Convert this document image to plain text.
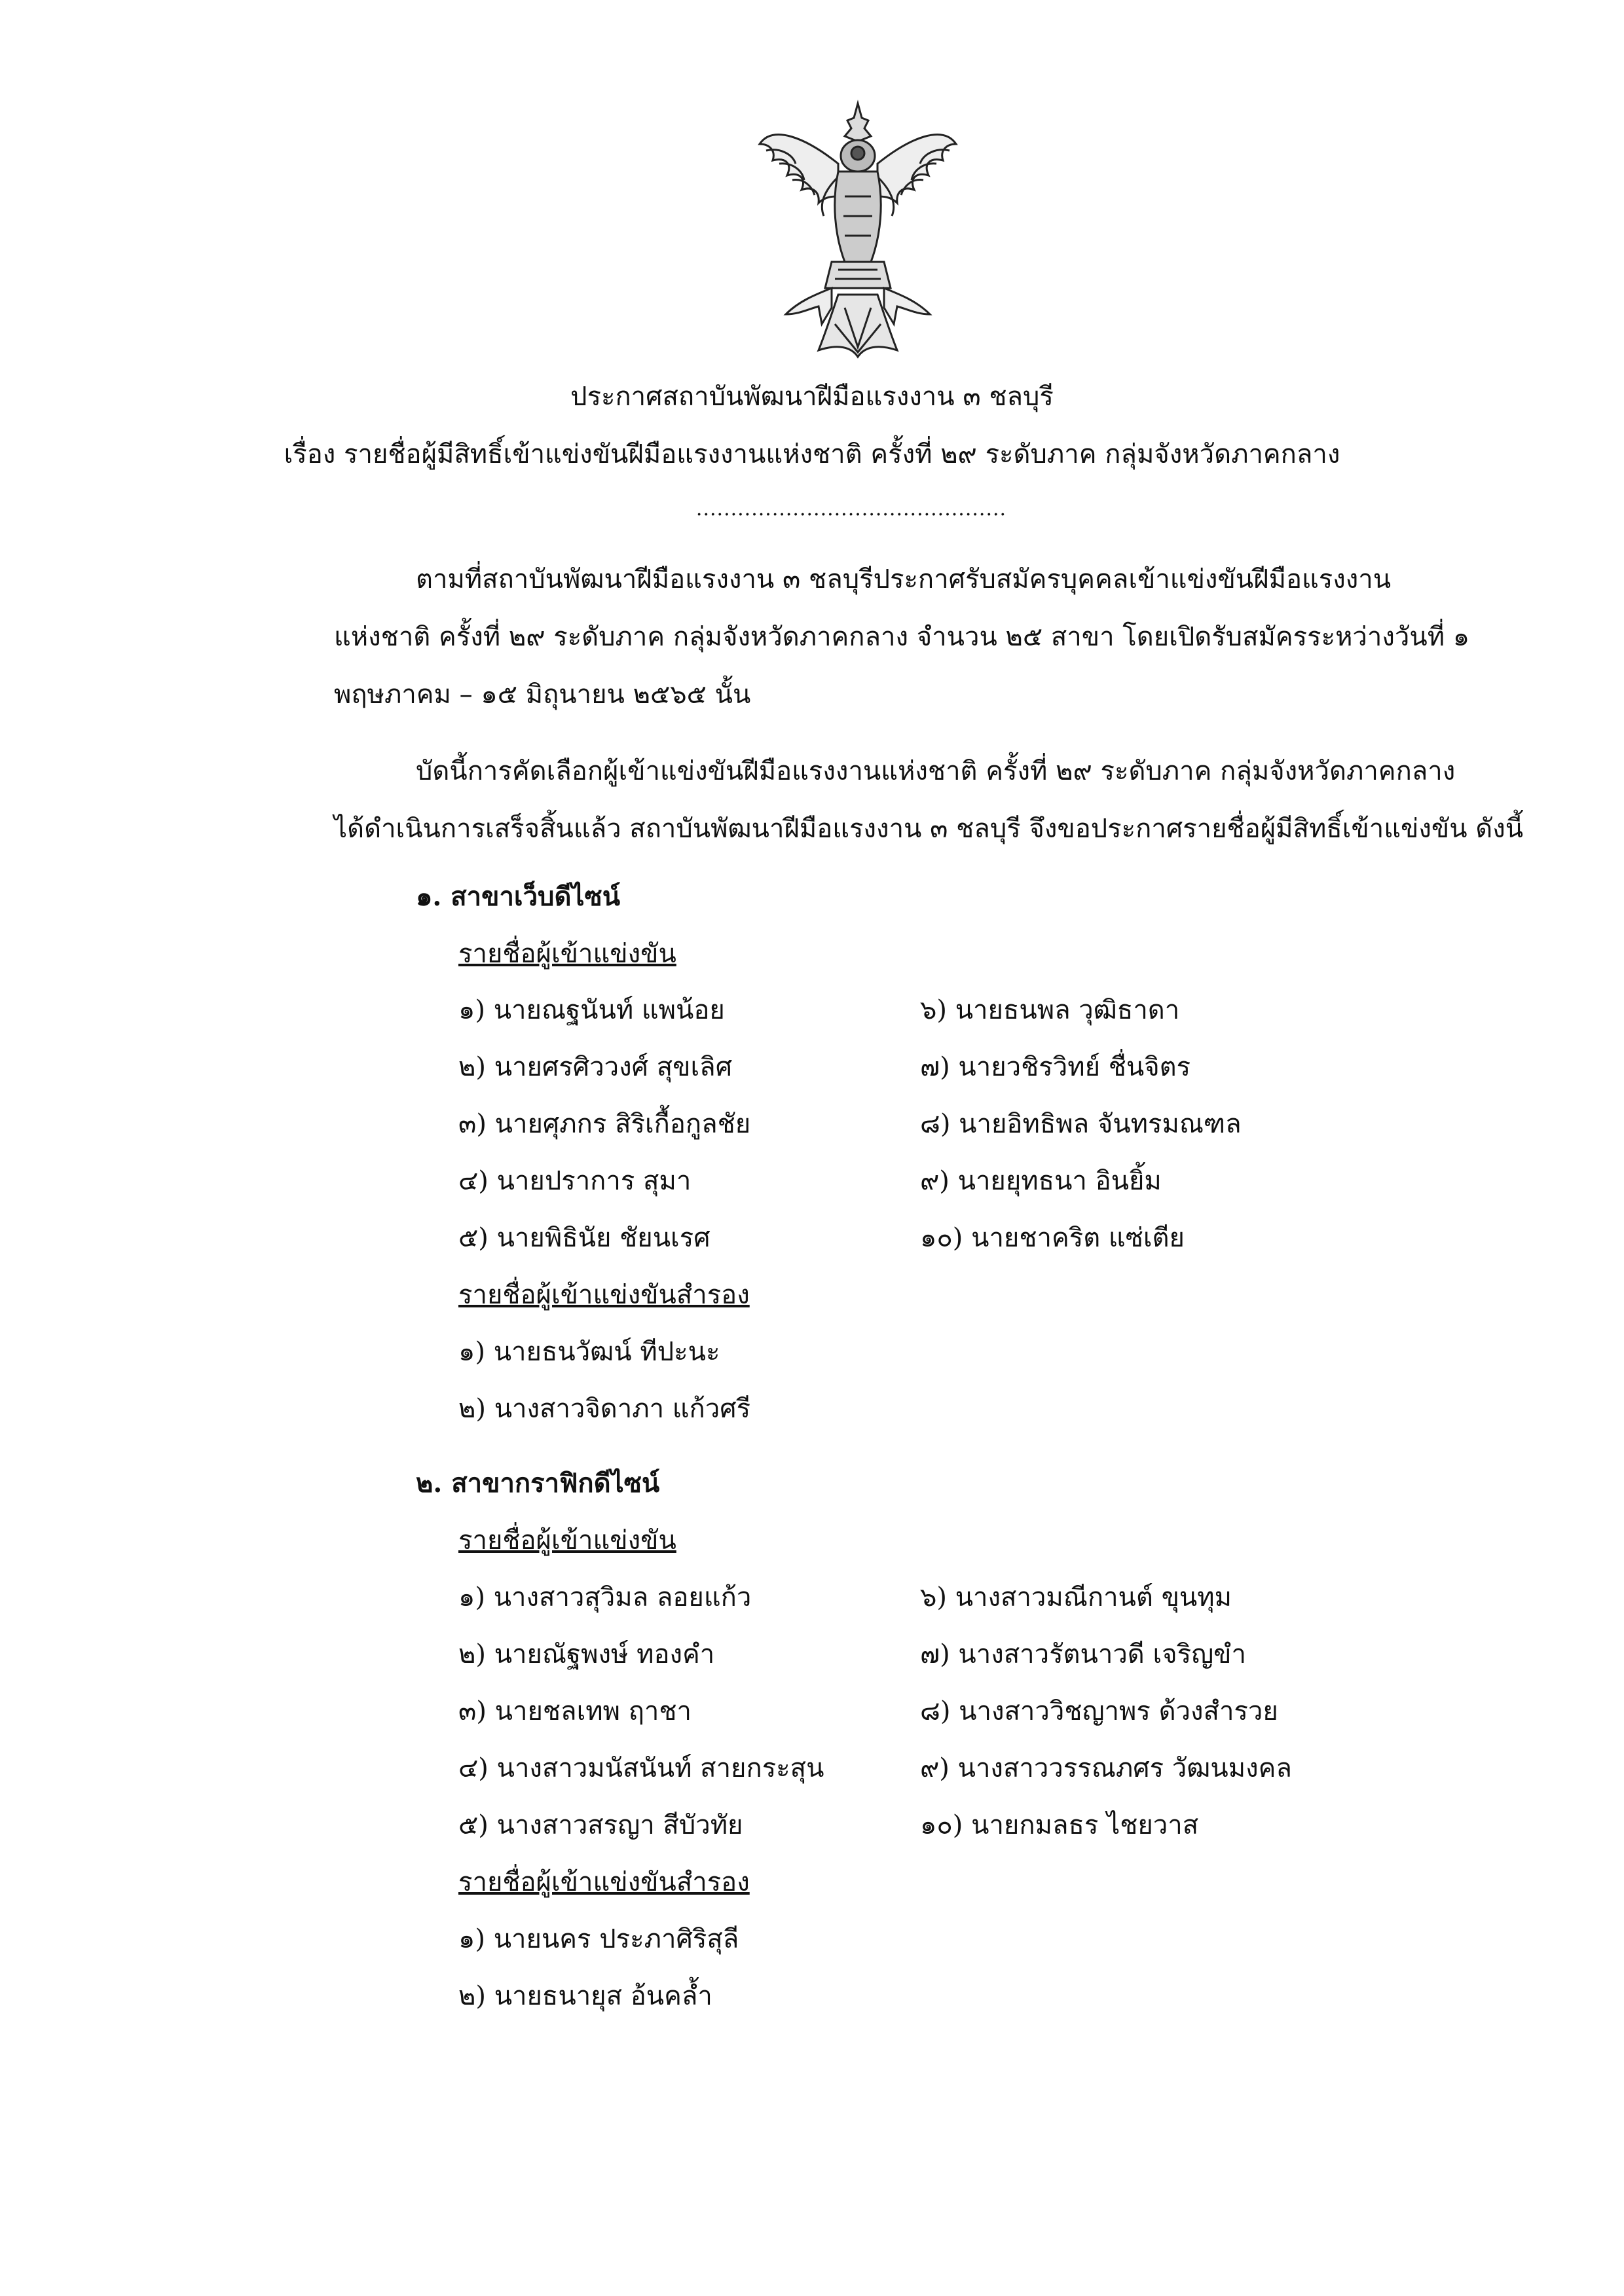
ประกาศสถาบันพัฒนาฝีมือแรงงาน ๓ ชลบุรี
เรื่อง รายชื่อผู้มีสิทธิ์เข้าแข่งขันฝีมือแรงงานแห่งชาติ ครั้งที่ ๒๙ ระดับภาค กลุ่มจังหวัดภาคกลาง
.............................................
ตามที่สถาบันพัฒนาฝีมือแรงงาน ๓ ชลบุรีประกาศรับสมัครบุคคลเข้าแข่งขันฝีมือแรงงาน
แห่งชาติ ครั้งที่ ๒๙ ระดับภาค กลุ่มจังหวัดภาคกลาง จำนวน ๒๕ สาขา โดยเปิดรับสมัครระหว่างวันที่ ๑
พฤษภาคม – ๑๕ มิถุนายน ๒๕๖๕ นั้น
บัดนี้การคัดเลือกผู้เข้าแข่งขันฝีมือแรงงานแห่งชาติ ครั้งที่ ๒๙ ระดับภาค กลุ่มจังหวัดภาคกลาง
ได้ดำเนินการเสร็จสิ้นแล้ว สถาบันพัฒนาฝีมือแรงงาน ๓ ชลบุรี จึงขอประกาศรายชื่อผู้มีสิทธิ์เข้าแข่งขัน ดังนี้
๑. สาขาเว็บดีไซน์
รายชื่อผู้เข้าแข่งขัน
๑) นายณฐนันท์ แพน้อย
๒) นายศรศิววงศ์ สุขเลิศ
๓) นายศุภกร สิริเกื้อกูลชัย
๔) นายปราการ สุมา
๕) นายพิธินัย ชัยนเรศ
๖) นายธนพล วุฒิธาดา
๗) นายวชิรวิทย์ ชื่นจิตร
๘) นายอิทธิพล จันทรมณฑล
๙) นายยุทธนา อินยิ้ม
๑๐) นายชาคริต แซ่เตีย
รายชื่อผู้เข้าแข่งขันสำรอง
๑) นายธนวัฒน์ ทีปะนะ
๒) นางสาวจิดาภา แก้วศรี
๒. สาขากราฟิกดีไซน์
รายชื่อผู้เข้าแข่งขัน
๑) นางสาวสุวิมล ลอยแก้ว
๒) นายณัฐพงษ์ ทองคำ
๓) นายชลเทพ ฤาชา
๔) นางสาวมนัสนันท์ สายกระสุน
๕) นางสาวสรญา สีบัวทัย
๖) นางสาวมณีกานต์ ขุนทุม
๗) นางสาวรัตนาวดี เจริญขำ
๘) นางสาววิชญาพร ด้วงสำรวย
๙) นางสาววรรณภศร วัฒนมงคล
๑๐) นายกมลธร ไชยวาส
รายชื่อผู้เข้าแข่งขันสำรอง
๑) นายนคร ประภาศิริสุลี
๒) นายธนายุส อ้นคล้ำ
